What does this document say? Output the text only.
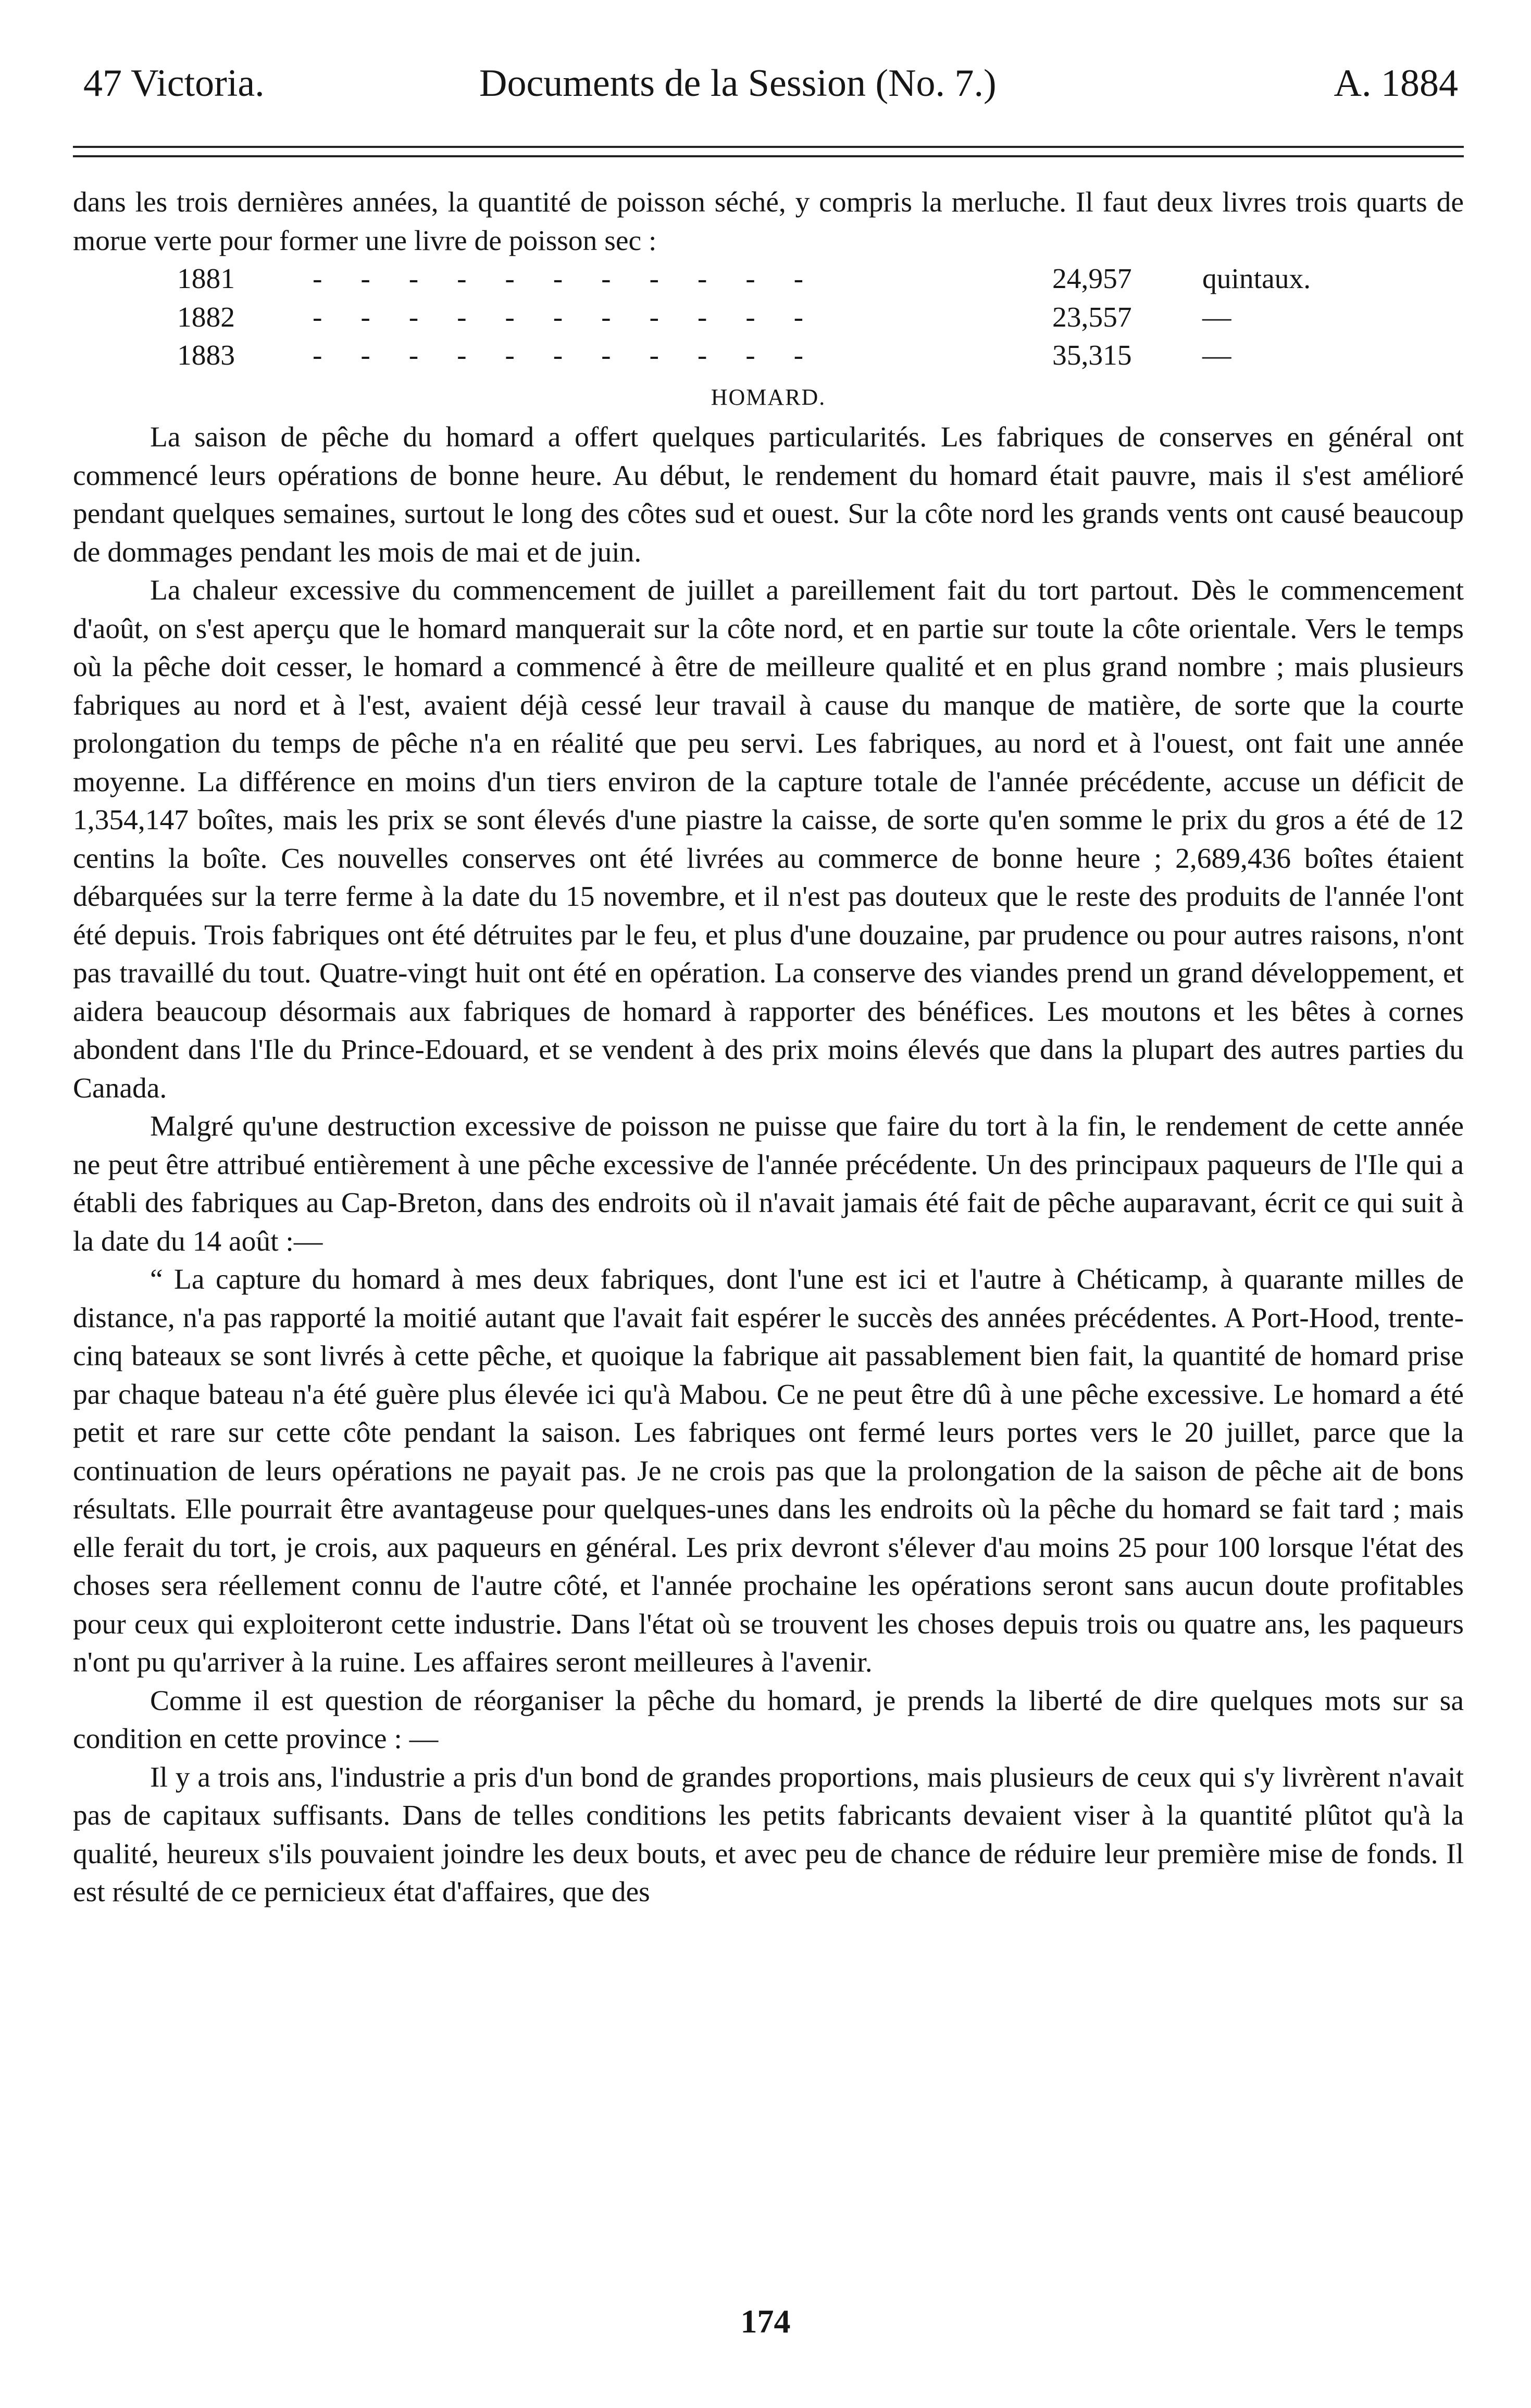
47 Victoria.	Documents de la Session (No. 7.)	A. 1884

dans les trois dernières années, la quantité de poisson séché, y compris la merluche. Il faut deux livres trois quarts de morue verte pour former une livre de poisson sec :

1881	- - - - - - - - - - -	24,957	quintaux.
1882	- - - - - - - - - - -	23,557	—
1883	- - - - - - - - - - -	35,315	—
HOMARD.

La saison de pêche du homard a offert quelques particularités. Les fabriques de conserves en général ont commencé leurs opérations de bonne heure. Au début, le rendement du homard était pauvre, mais il s'est amélioré pendant quelques semaines, surtout le long des côtes sud et ouest. Sur la côte nord les grands vents ont causé beaucoup de dommages pendant les mois de mai et de juin.

La chaleur excessive du commencement de juillet a pareillement fait du tort partout. Dès le commencement d'août, on s'est aperçu que le homard manquerait sur la côte nord, et en partie sur toute la côte orientale. Vers le temps où la pêche doit cesser, le homard a commencé à être de meilleure qualité et en plus grand nombre ; mais plusieurs fabriques au nord et à l'est, avaient déjà cessé leur travail à cause du manque de matière, de sorte que la courte prolongation du temps de pêche n'a en réalité que peu servi. Les fabriques, au nord et à l'ouest, ont fait une année moyenne. La différence en moins d'un tiers environ de la capture totale de l'année précédente, accuse un déficit de 1,354,147 boîtes, mais les prix se sont élevés d'une piastre la caisse, de sorte qu'en somme le prix du gros a été de 12 centins la boîte. Ces nouvelles conserves ont été livrées au commerce de bonne heure ; 2,689,436 boîtes étaient débarquées sur la terre ferme à la date du 15 novembre, et il n'est pas douteux que le reste des produits de l'année l'ont été depuis. Trois fabriques ont été détruites par le feu, et plus d'une douzaine, par prudence ou pour autres raisons, n'ont pas travaillé du tout. Quatre-vingt huit ont été en opération. La conserve des viandes prend un grand développement, et aidera beaucoup désormais aux fabriques de homard à rapporter des bénéfices. Les moutons et les bêtes à cornes abondent dans l'Ile du Prince-Edouard, et se vendent à des prix moins élevés que dans la plupart des autres parties du Canada.

Malgré qu'une destruction excessive de poisson ne puisse que faire du tort à la fin, le rendement de cette année ne peut être attribué entièrement à une pêche excessive de l'année précédente. Un des principaux paqueurs de l'Ile qui a établi des fabriques au Cap-Breton, dans des endroits où il n'avait jamais été fait de pêche auparavant, écrit ce qui suit à la date du 14 août :—

“ La capture du homard à mes deux fabriques, dont l'une est ici et l'autre à Chéticamp, à quarante milles de distance, n'a pas rapporté la moitié autant que l'avait fait espérer le succès des années précédentes. A Port-Hood, trente-cinq bateaux se sont livrés à cette pêche, et quoique la fabrique ait passablement bien fait, la quantité de homard prise par chaque bateau n'a été guère plus élevée ici qu'à Mabou. Ce ne peut être dû à une pêche excessive. Le homard a été petit et rare sur cette côte pendant la saison. Les fabriques ont fermé leurs portes vers le 20 juillet, parce que la continuation de leurs opérations ne payait pas. Je ne crois pas que la prolongation de la saison de pêche ait de bons résultats. Elle pourrait être avantageuse pour quelques-unes dans les endroits où la pêche du homard se fait tard ; mais elle ferait du tort, je crois, aux paqueurs en général. Les prix devront s'élever d'au moins 25 pour 100 lorsque l'état des choses sera réellement connu de l'autre côté, et l'année prochaine les opérations seront sans aucun doute profitables pour ceux qui exploiteront cette industrie. Dans l'état où se trouvent les choses depuis trois ou quatre ans, les paqueurs n'ont pu qu'arriver à la ruine. Les affaires seront meilleures à l'avenir.

Comme il est question de réorganiser la pêche du homard, je prends la liberté de dire quelques mots sur sa condition en cette province : —

Il y a trois ans, l'industrie a pris d'un bond de grandes proportions, mais plusieurs de ceux qui s'y livrèrent n'avait pas de capitaux suffisants. Dans de telles conditions les petits fabricants devaient viser à la quantité plûtot qu'à la qualité, heureux s'ils pouvaient joindre les deux bouts, et avec peu de chance de réduire leur première mise de fonds. Il est résulté de ce pernicieux état d'affaires, que des

174
